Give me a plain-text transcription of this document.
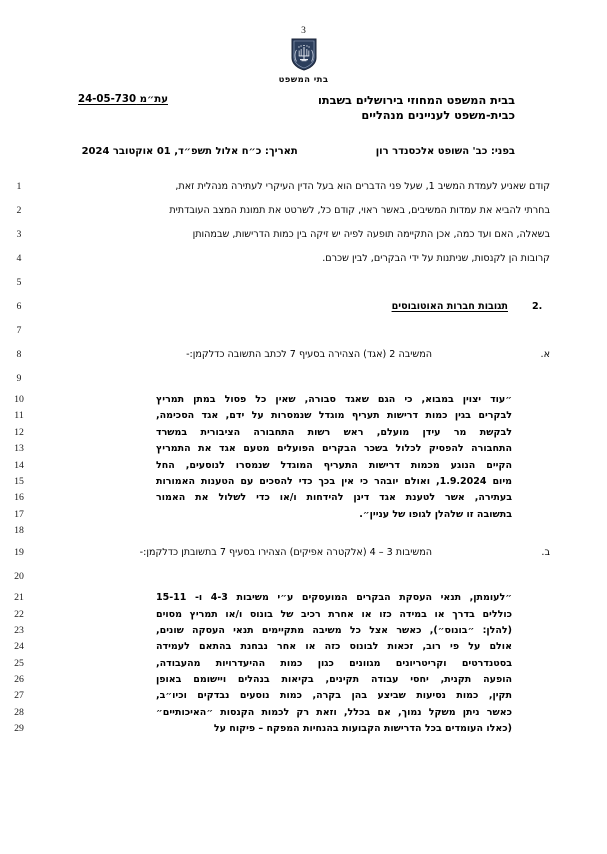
3
בתי המשפט
בבית המשפט המחוזי בירושלים בשבתו
כבית-משפט לעניינים מנהליים
עת״מ 24-05-730
בפני: כב' השופט אלכסנדר רון
תאריך: כ״ח אלול תשפ״ד, 01 אוקטובר 2024
1	קודם שאניע לעמדת המשיב 1, שעל פני הדברים הוא בעל הדין העיקרי לעתירה מנהלית זאת,
2	בחרתי להביא את עמדות המשיבים, באשר ראוי, קודם כל, לשרטט את תמונת המצב העובדתית
3	בשאלה, האם ועד כמה, אכן התקיימה תופעה לפיה יש זיקה בין כמות הדרישות, שבמהותן
4	קרובות הן לקנסות, שניתנות על ידי הבקרים, לבין שכרם.
5
6	2.
תגובות חברות האוטובוסים
7
8	א.
המשיבה 2 (אגד) הצהירה בסעיף 7 לכתב התשובה כדלקמן:-
9
10	״עוד יצוין במבוא, כי הגם שאגד סבורה, שאין כל פסול במתן תמריץ
11	לבקרים בגין כמות דרישות תעריף מוגדל שנמסרות על ידם, אגד הסכימה,
12	לבקשת מר עידן מועלם, ראש רשות התחבורה הציבורית במשרד
13	התחבורה להפסיק לכלול בשכר הבקרים הפועלים מטעם אגד את התמריץ
14	הקיים הנוגע מכמות דרישות התעריף המוגדל שנמסרו לנוסעים, החל
15	מיום 1.9.2024, ואולם יובהר כי אין בכך כדי להסכים עם הטענות האמורות
16	בעתירה, אשר לטענת אגד דינן להידחות ו/או כדי לשלול את האמור
17	בתשובה זו שלהלן לגופו של עניין״.
18
19	ב.
המשיבות 3 – 4 (אלקטרה אפיקים) הצהירו בסעיף 7 בתשובתן כדלקמן:-
20
21	״לעומתן, תנאי העסקת הבקרים המועסקים ע״י משיבות 4-3 ו- 15-11
22	כוללים בדרך או במידה כזו או אחרת רכיב של בונוס ו/או תמריץ מסוים
23	(להלן: ״בונוס״), כאשר אצל כל משיבה מתקיימים תנאי העסקה שונים,
24	אולם על פי רוב, זכאות לבונוס כזה או אחר נבחנת בהתאם לעמידה
25	בסטנדרטים וקריטריונים מגוונים כגון כמות ההיעדרויות מהעבודה,
26	הופעה תקנית, יחסי עבודה תקינים, בקיאות בנהלים ויישומם באופן
27	תקין, כמות נסיעות שביצע בהן בקרה, כמות נוסעים נבדקים וכיו״ב,
28	כאשר ניתן משקל נמוך, אם בכלל, וזאת רק לכמות הקנסות ״האיכותיים״
29	(כאלו העומדים בכל הדרישות הקבועות בהנחיות המפקח – פיקוח על
